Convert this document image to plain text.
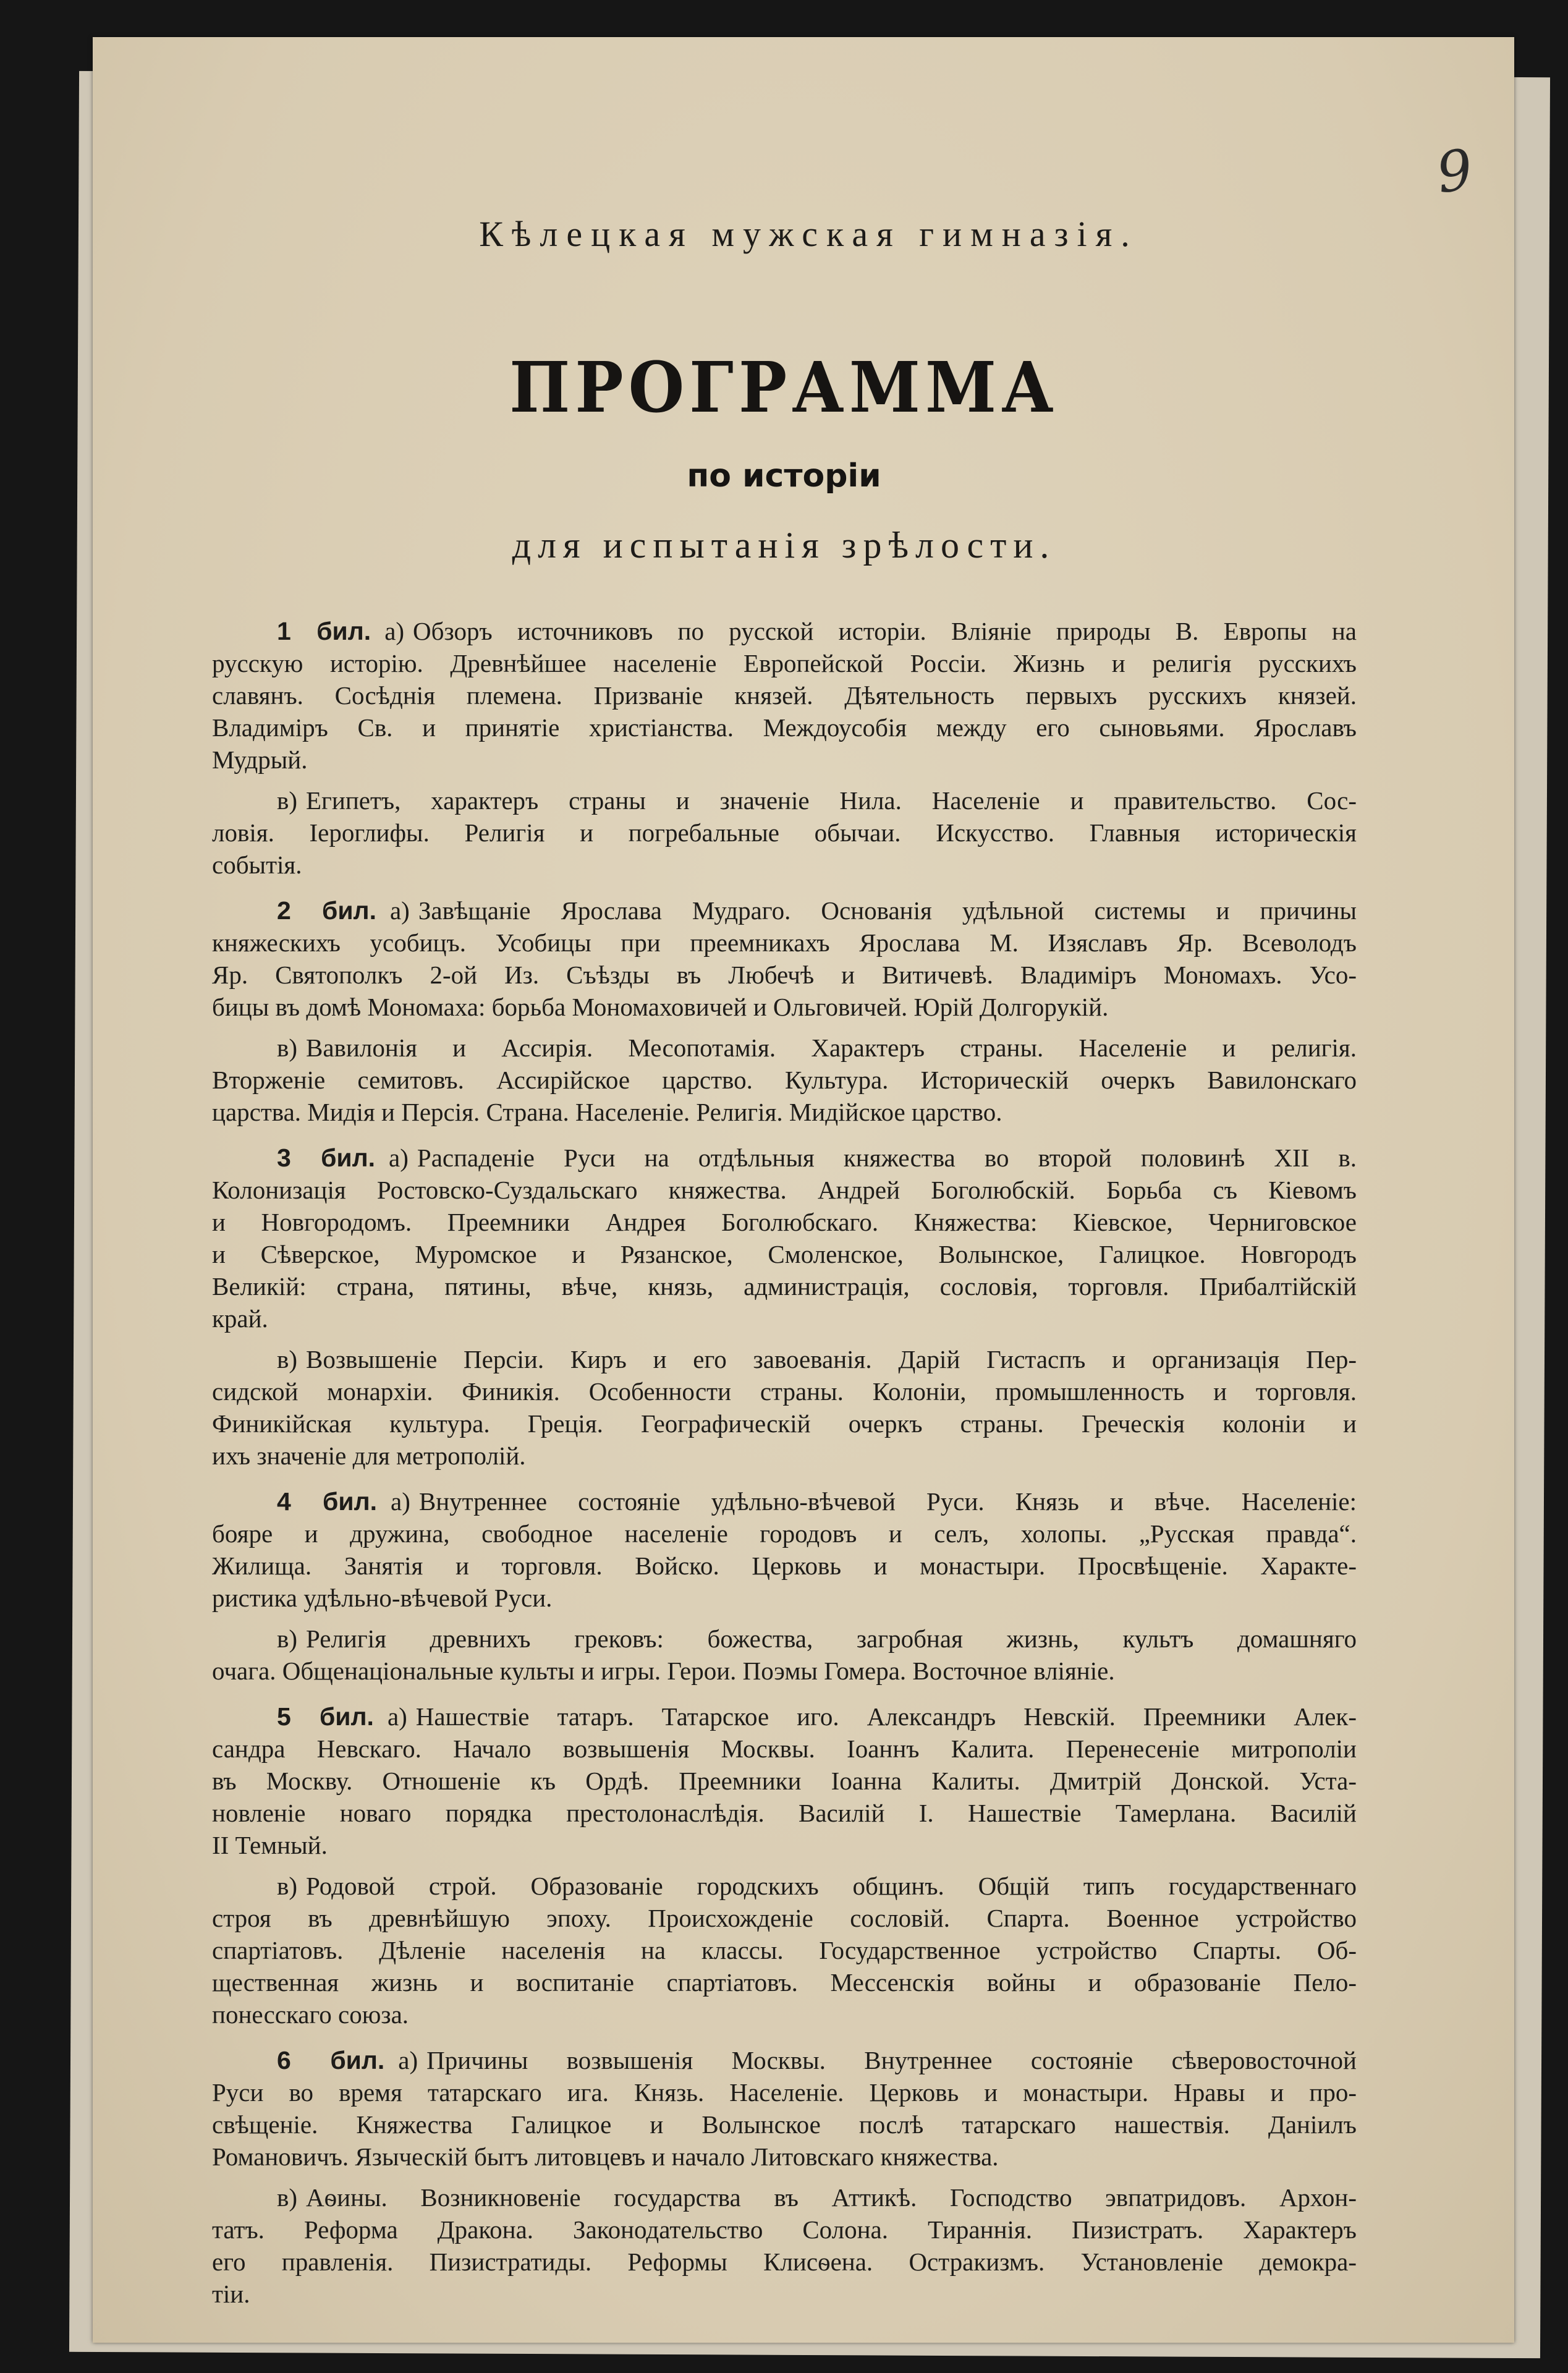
9
Кѣлецкая мужская гимназія.
ПРОГРАММА
по исторіи
для испытанія зрѣлости.
1 бил. а) Обзоръ источниковъ по русской исторіи. Вліяніе природы В. Европы на
русскую исторію. Древнѣйшее населеніе Европейской Россіи. Жизнь и религія русскихъ
славянъ. Сосѣднія племена. Призваніе князей. Дѣятельность первыхъ русскихъ князей.
Владиміръ Св. и принятіе христіанства. Междоусобія между его сыновьями. Ярославъ
Мудрый.
в) Египетъ, характеръ страны и значеніе Нила. Населеніе и правительство. Сос-
ловія. Іероглифы. Религія и погребальные обычаи. Искусство. Главныя историческія
событія.
2 бил. а) Завѣщаніе Ярослава Мудраго. Основанія удѣльной системы и причины
княжескихъ усобицъ. Усобицы при преемникахъ Ярослава М. Изяславъ Яр. Всеволодъ
Яр. Святополкъ 2-ой Из. Съѣзды въ Любечѣ и Витичевѣ. Владиміръ Мономахъ. Усо-
бицы въ домѣ Мономаха: борьба Мономаховичей и Ольговичей. Юрій Долгорукій.
в) Вавилонія и Ассирія. Месопотамія. Характеръ страны. Населеніе и религія.
Вторженіе семитовъ. Ассирійское царство. Культура. Историческій очеркъ Вавилонскаго
царства. Мидія и Персія. Страна. Населеніе. Религія. Мидійское царство.
3 бил. а) Распаденіе Руси на отдѣльныя княжества во второй половинѣ XII в.
Колонизація Ростовско-Суздальскаго княжества. Андрей Боголюбскій. Борьба съ Кіевомъ
и Новгородомъ. Преемники Андрея Боголюбскаго. Княжества: Кіевское, Черниговское
и Сѣверское, Муромское и Рязанское, Смоленское, Волынское, Галицкое. Новгородъ
Великій: страна, пятины, вѣче, князь, администрація, сословія, торговля. Прибалтійскій
край.
в) Возвышеніе Персіи. Киръ и его завоеванія. Дарій Гистаспъ и организація Пер-
сидской монархіи. Финикія. Особенности страны. Колоніи, промышленность и торговля.
Финикійская культура. Греція. Географическій очеркъ страны. Греческія колоніи и
ихъ значеніе для метрополій.
4 бил. а) Внутреннее состояніе удѣльно-вѣчевой Руси. Князь и вѣче. Населеніе:
бояре и дружина, свободное населеніе городовъ и селъ, холопы. „Русская правда“.
Жилища. Занятія и торговля. Войско. Церковь и монастыри. Просвѣщеніе. Характе-
ристика удѣльно-вѣчевой Руси.
в) Религія древнихъ грековъ: божества, загробная жизнь, культъ домашняго
очага. Общенаціональные культы и игры. Герои. Поэмы Гомера. Восточное вліяніе.
5 бил. а) Нашествіе татаръ. Татарское иго. Александръ Невскій. Преемники Алек-
сандра Невскаго. Начало возвышенія Москвы. Іоаннъ Калита. Перенесеніе митрополіи
въ Москву. Отношеніе къ Ордѣ. Преемники Іоанна Калиты. Дмитрій Донской. Уста-
новленіе новаго порядка престолонаслѣдія. Василій I. Нашествіе Тамерлана. Василій
II Темный.
в) Родовой строй. Образованіе городскихъ общинъ. Общій типъ государственнаго
строя въ древнѣйшую эпоху. Происхожденіе сословій. Спарта. Военное устройство
спартіатовъ. Дѣленіе населенія на классы. Государственное устройство Спарты. Об-
щественная жизнь и воспитаніе спартіатовъ. Мессенскія войны и образованіе Пело-
понесскаго союза.
6 бил. а) Причины возвышенія Москвы. Внутреннее состояніе сѣверовосточной
Руси во время татарскаго ига. Князь. Населеніе. Церковь и монастыри. Нравы и про-
свѣщеніе. Княжества Галицкое и Волынское послѣ татарскаго нашествія. Даніилъ
Романовичъ. Языческій бытъ литовцевъ и начало Литовскаго княжества.
в) Аѳины. Возникновеніе государства въ Аттикѣ. Господство эвпатридовъ. Архон-
татъ. Реформа Дракона. Законодательство Солона. Тираннія. Пизистратъ. Характеръ
его правленія. Пизистратиды. Реформы Клисѳена. Остракизмъ. Установленіе демокра-
тіи.
